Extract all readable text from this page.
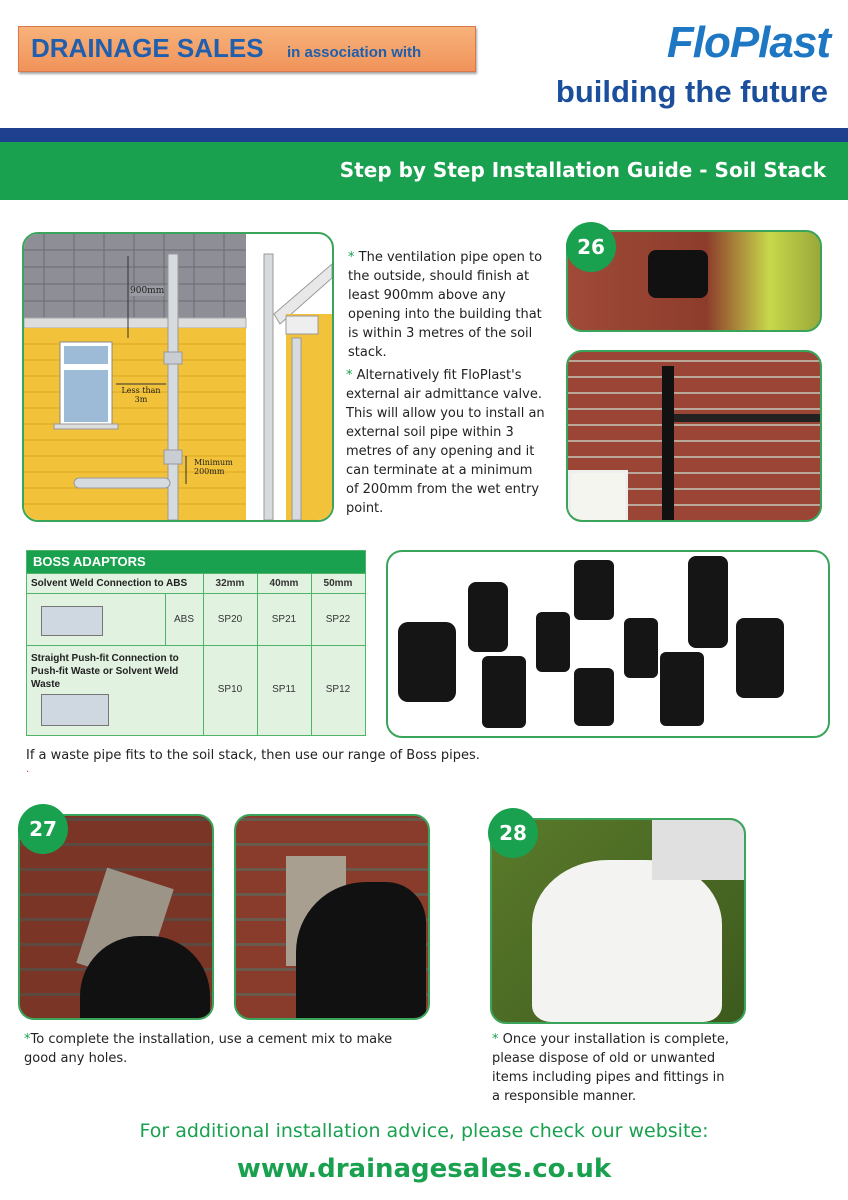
DRAINAGE SALES in association with	FloPlast
building the future
Step by Step Installation Guide - Soil Stack
900mm
Less than 3m
Minimum 200mm
* The ventilation pipe open to the outside, should finish at least 900mm above any opening into the building that is within 3 metres of the soil stack.
* Alternatively fit FloPlast's external air admittance valve. This will allow you to install an external soil pipe within 3 metres of any opening and it can terminate at a minimum of 200mm from the wet entry point.
26
BOSS ADAPTORS
Solvent Weld Connection to ABS	32mm	40mm	50mm
ABS	SP20	SP21	SP22
Straight Push-fit Connection to Push-fit Waste or Solvent Weld Waste	SP10	SP11	SP12
If a waste pipe fits to the soil stack, then use our range of Boss pipes.
.
27
*To complete the installation, use a cement mix to make good any holes.
28
* Once your installation is complete, please dispose of old or unwanted items including pipes and fittings in a responsible manner.
For additional installation advice, please check our website:
www.drainagesales.co.uk
